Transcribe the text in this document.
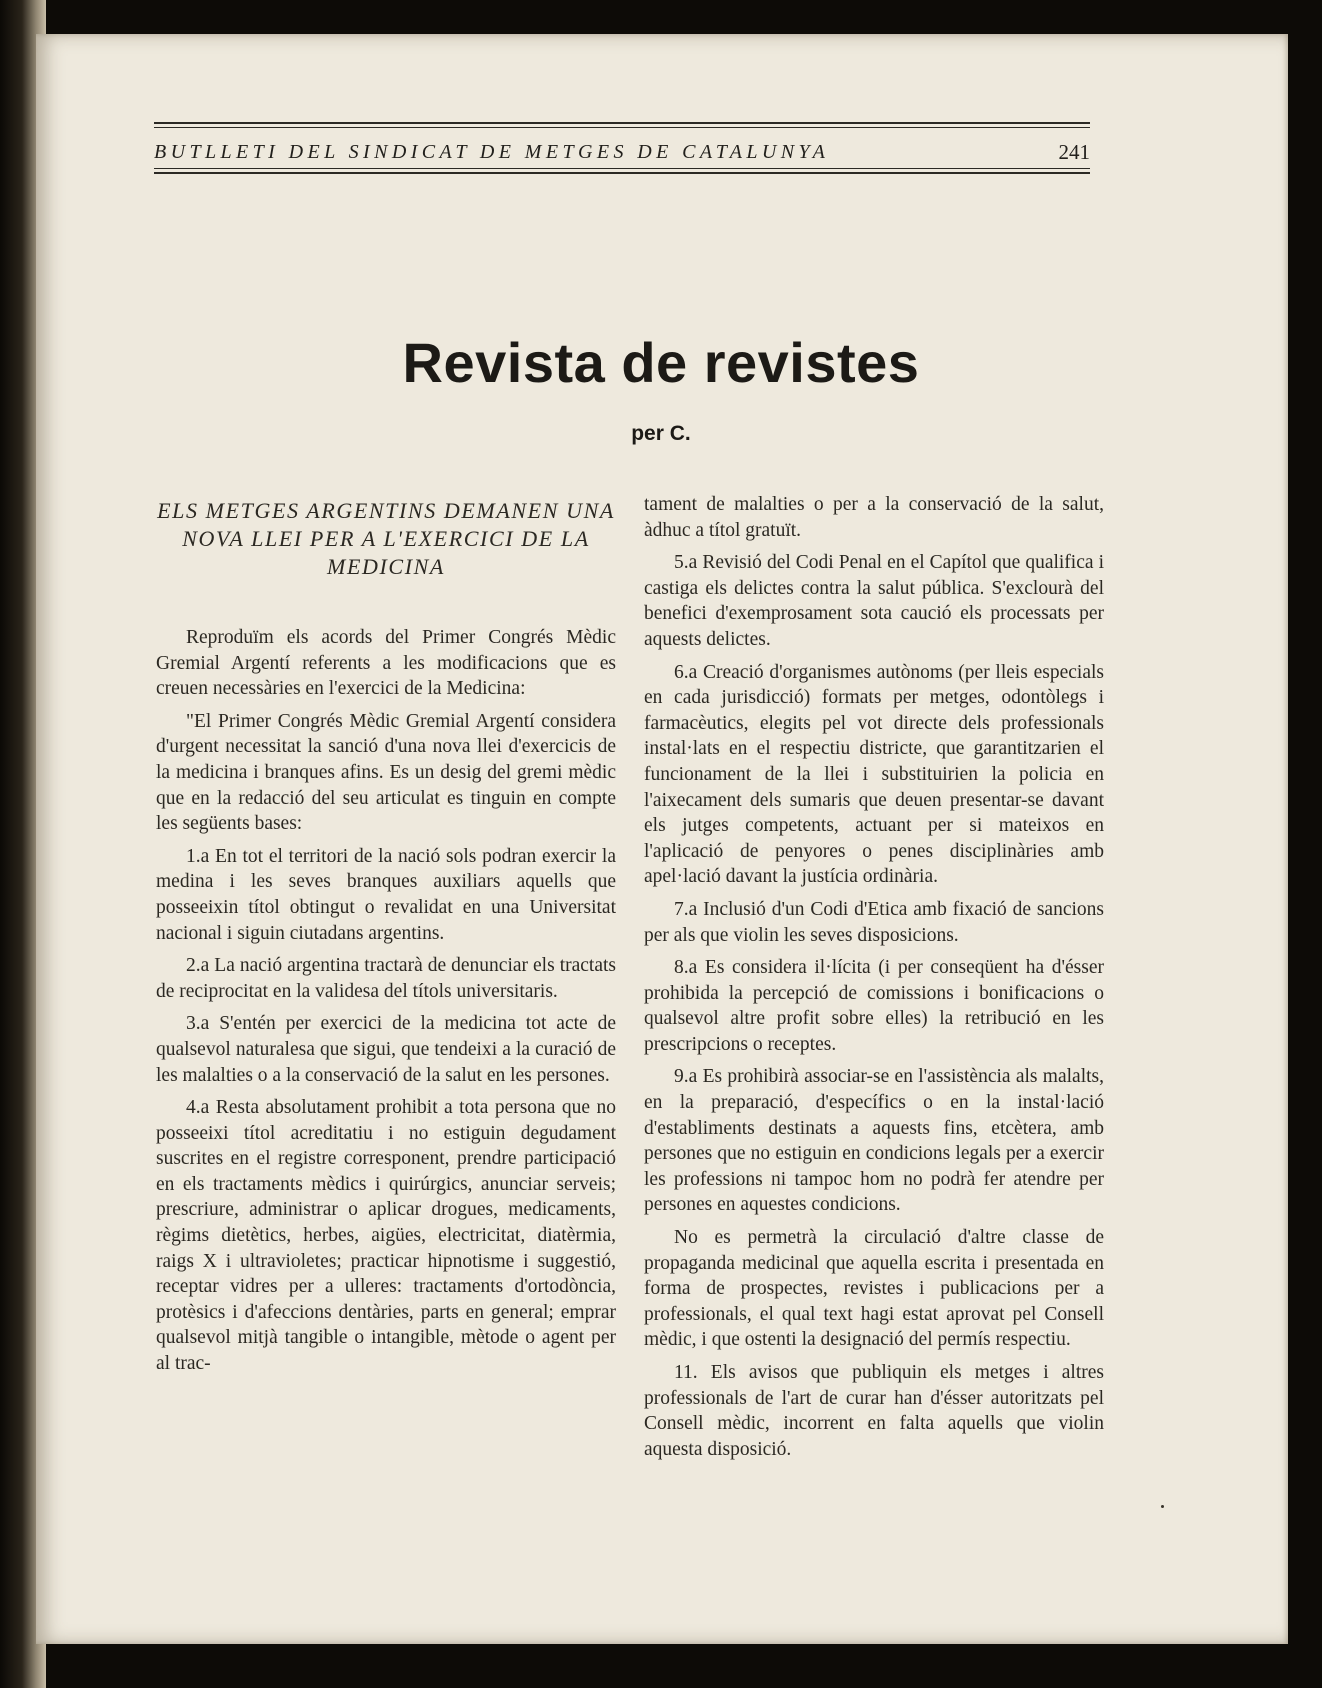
BUTLLETI DEL SINDICAT DE METGES DE CATALUNYA	241
Revista de revistes
per C.
ELS METGES ARGENTINS DEMANEN UNA NOVA LLEI PER A L'EXERCICI DE LA MEDICINA

Reproduïm els acords del Primer Congrés Mèdic Gremial Argentí referents a les modificacions que es creuen necessàries en l'exercici de la Medicina:

"El Primer Congrés Mèdic Gremial Argentí considera d'urgent necessitat la sanció d'una nova llei d'exercicis de la medicina i branques afins. Es un desig del gremi mèdic que en la redacció del seu articulat es tinguin en compte les següents bases:

1.a En tot el territori de la nació sols podran exercir la medina i les seves branques auxiliars aquells que posseeixin títol obtingut o revalidat en una Universitat nacional i siguin ciutadans argentins.

2.a La nació argentina tractarà de denunciar els tractats de reciprocitat en la validesa del títols universitaris.

3.a S'entén per exercici de la medicina tot acte de qualsevol naturalesa que sigui, que tendeixi a la curació de les malalties o a la conservació de la salut en les persones.

4.a Resta absolutament prohibit a tota persona que no posseeixi títol acreditatiu i no estiguin degudament suscrites en el registre corresponent, prendre participació en els tractaments mèdics i quirúrgics, anunciar serveis; prescriure, administrar o aplicar drogues, medicaments, règims dietètics, herbes, aigües, electricitat, diatèrmia, raigs X i ultravioletes; practicar hipnotisme i suggestió, receptar vidres per a ulleres: tractaments d'ortodòncia, protèsics i d'afeccions dentàries, parts en general; emprar qualsevol mitjà tangible o intangible, mètode o agent per al trac-

tament de malalties o per a la conservació de la salut, àdhuc a títol gratuït.

5.a Revisió del Codi Penal en el Capítol que qualifica i castiga els delictes contra la salut pública. S'exclourà del benefici d'exemprosament sota caució els processats per aquests delictes.

6.a Creació d'organismes autònoms (per lleis especials en cada jurisdicció) formats per metges, odontòlegs i farmacèutics, elegits pel vot directe dels professionals instal·lats en el respectiu districte, que garantitzarien el funcionament de la llei i substituirien la policia en l'aixecament dels sumaris que deuen presentar-se davant els jutges competents, actuant per si mateixos en l'aplicació de penyores o penes disciplinàries amb apel·lació davant la justícia ordinària.

7.a Inclusió d'un Codi d'Etica amb fixació de sancions per als que violin les seves disposicions.

8.a Es considera il·lícita (i per conseqüent ha d'ésser prohibida la percepció de comissions i bonificacions o qualsevol altre profit sobre elles) la retribució en les prescripcions o receptes.

9.a Es prohibirà associar-se en l'assistència als malalts, en la preparació, d'específics o en la instal·lació d'establiments destinats a aquests fins, etcètera, amb persones que no estiguin en condicions legals per a exercir les professions ni tampoc hom no podrà fer atendre per persones en aquestes condicions.

No es permetrà la circulació d'altre classe de propaganda medicinal que aquella escrita i presentada en forma de prospectes, revistes i publicacions per a professionals, el qual text hagi estat aprovat pel Consell mèdic, i que ostenti la designació del permís respectiu.

11. Els avisos que publiquin els metges i altres professionals de l'art de curar han d'ésser autoritzats pel Consell mèdic, incorrent en falta aquells que violin aquesta disposició.
